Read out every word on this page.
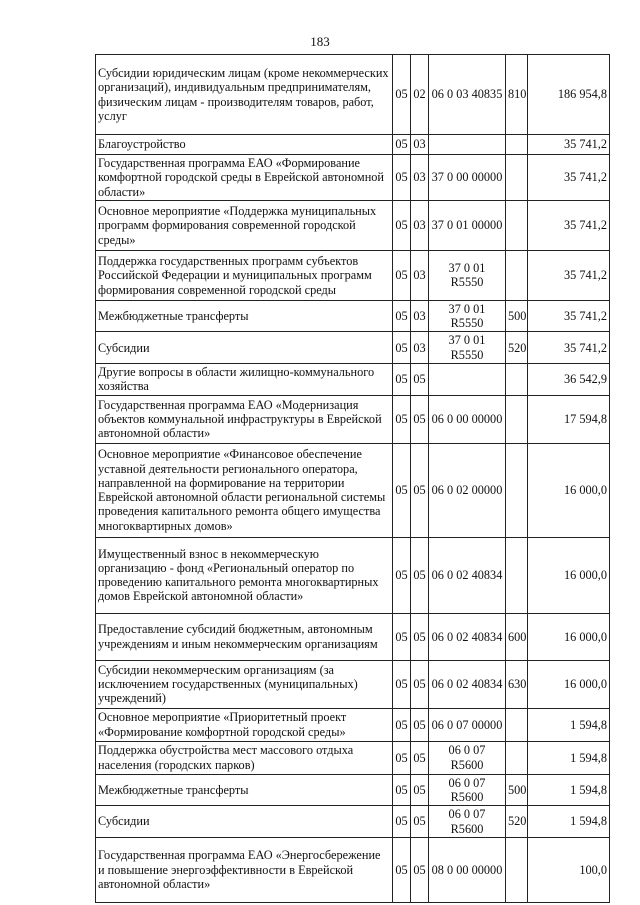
183
Субсидии юридическим лицам (кроме некоммерческих организаций), индивидуальным предпринимателям, физическим лицам - производителям товаров, работ, услуг	05	02	06 0 03 40835	810	186 954,8
Благоустройство	05	03			35 741,2
Государственная программа ЕАО «Формирование комфортной городской среды в Еврейской автономной области»	05	03	37 0 00 00000		35 741,2
Основное мероприятие «Поддержка муниципальных программ формирования современной городской среды»	05	03	37 0 01 00000		35 741,2
Поддержка государственных программ субъектов Российской Федерации и муниципальных программ формирования современной городской среды	05	03	37 0 01 R5550		35 741,2
Межбюджетные трансферты	05	03	37 0 01 R5550	500	35 741,2
Субсидии	05	03	37 0 01 R5550	520	35 741,2
Другие вопросы в области жилищно-коммунального хозяйства	05	05			36 542,9
Государственная программа ЕАО «Модернизация объектов коммунальной инфраструктуры в Еврейской автономной области»	05	05	06 0 00 00000		17 594,8
Основное мероприятие «Финансовое обеспечение уставной деятельности регионального оператора, направленной на формирование на территории Еврейской автономной области региональной системы проведения капитального ремонта общего имущества многоквартирных домов»	05	05	06 0 02 00000		16 000,0
Имущественный взнос в некоммерческую организацию - фонд «Региональный оператор по проведению капитального ремонта многоквартирных домов Еврейской автономной области»	05	05	06 0 02 40834		16 000,0
Предоставление субсидий бюджетным, автономным учреждениям и иным некоммерческим организациям	05	05	06 0 02 40834	600	16 000,0
Субсидии некоммерческим организациям (за исключением государственных (муниципальных) учреждений)	05	05	06 0 02 40834	630	16 000,0
Основное мероприятие «Приоритетный проект «Формирование комфортной городской среды»	05	05	06 0 07 00000		1 594,8
Поддержка обустройства мест массового отдыха населения (городских парков)	05	05	06 0 07 R5600		1 594,8
Межбюджетные трансферты	05	05	06 0 07 R5600	500	1 594,8
Субсидии	05	05	06 0 07 R5600	520	1 594,8
Государственная программа ЕАО «Энергосбережение и повышение энергоэффективности в Еврейской автономной области»	05	05	08 0 00 00000		100,0
